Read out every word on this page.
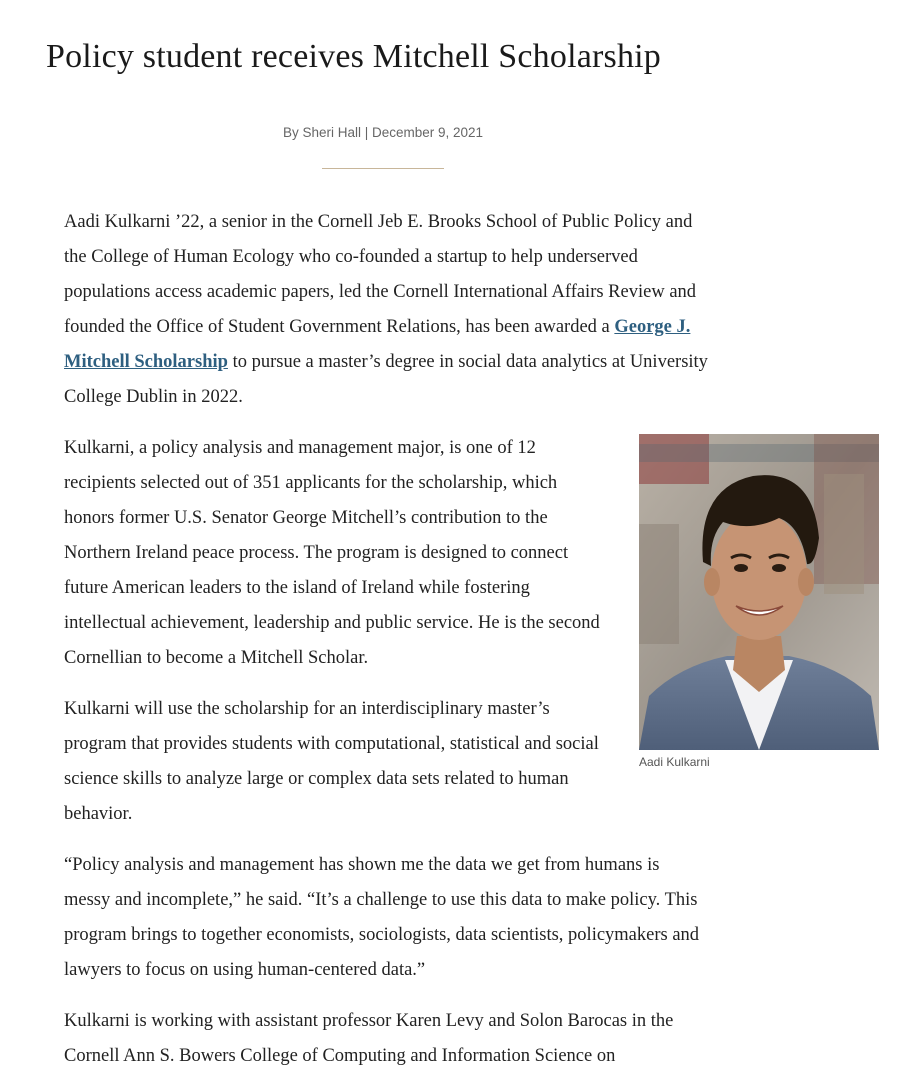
Policy student receives Mitchell Scholarship
By Sheri Hall | December 9, 2021

Aadi Kulkarni ’22, a senior in the Cornell Jeb E. Brooks School of Public Policy and the College of Human Ecology who co-founded a startup to help underserved populations access academic papers, led the Cornell International Affairs Review and founded the Office of Student Government Relations, has been awarded a George J. Mitchell Scholarship to pursue a master’s degree in social data analytics at University College Dublin in 2022.

Aadi Kulkarni

Kulkarni, a policy analysis and management major, is one of 12 recipients selected out of 351 applicants for the scholarship, which honors former U.S. Senator George Mitchell’s contribution to the Northern Ireland peace process. The program is designed to connect future American leaders to the island of Ireland while fostering intellectual achievement, leadership and public service. He is the second Cornellian to become a Mitchell Scholar.

Kulkarni will use the scholarship for an interdisciplinary master’s program that provides students with computational, statistical and social science skills to analyze large or complex data sets related to human behavior.

“Policy analysis and management has shown me the data we get from humans is messy and incomplete,” he said. “It’s a challenge to use this data to make policy. This program brings to together economists, sociologists, data scientists, policymakers and lawyers to focus on using human-centered data.”

Kulkarni is working with assistant professor Karen Levy and Solon Barocas in the Cornell Ann S. Bowers College of Computing and Information Science on
